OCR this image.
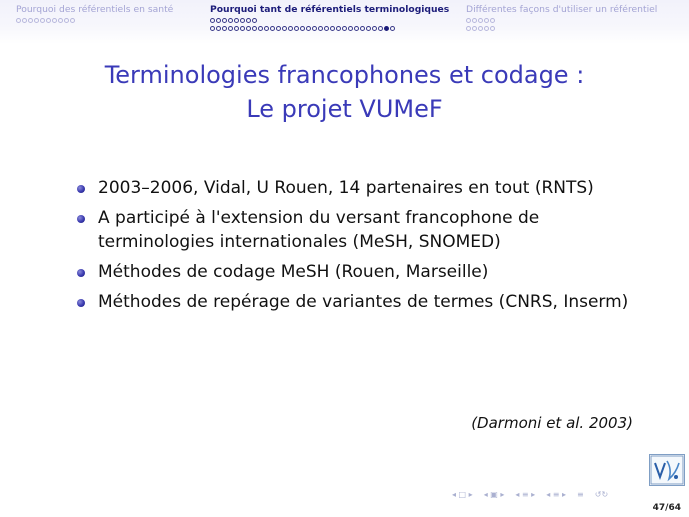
Pourquoi des référentiels en santé	Pourquoi tant de référentiels terminologiques Différentes façons d'utiliser un référentiel
Terminologies francophones et codage :
Le projet VUMeF
2003–2006, Vidal, U Rouen, 14 partenaires en tout (RNTS)
A participé à l'extension du versant francophone de terminologies internationales (MeSH, SNOMED)
Méthodes de codage MeSH (Rouen, Marseille)
Méthodes de repérage de variantes de termes (CNRS, Inserm)
(Darmoni et al. 2003)
◂ □ ▸ ◂ ▣ ▸ ◂ ≡ ▸ ◂ ≡ ▸ ≡ ↺↻
47/64
